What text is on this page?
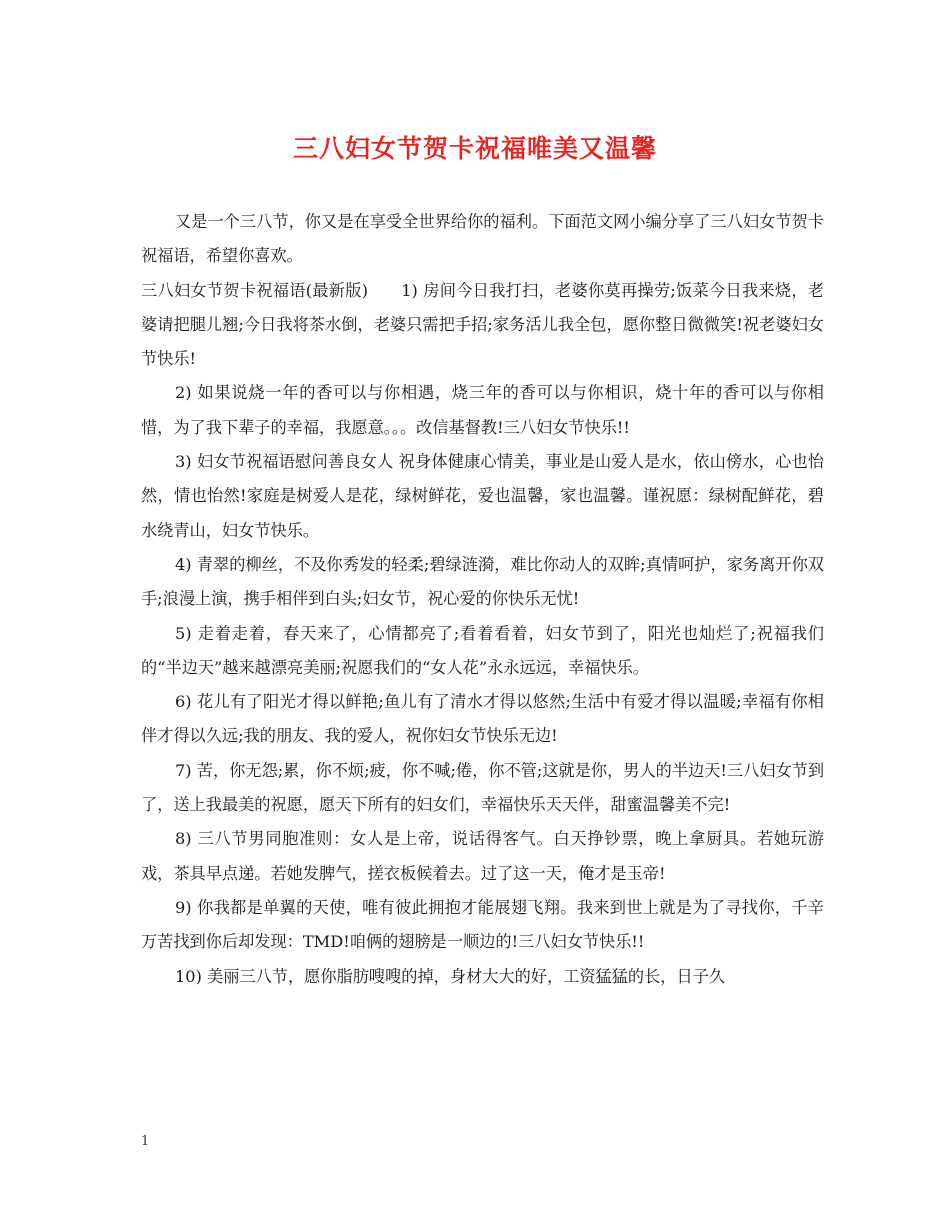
三八妇女节贺卡祝福唯美又温馨

又是一个三八节，你又是在享受全世界给你的福利。下面范文网小编分享了三八妇女节贺卡祝福语，希望你喜欢。

三八妇女节贺卡祝福语(最新版)　　1) 房间今日我打扫，老婆你莫再操劳;饭菜今日我来烧，老婆请把腿儿翘;今日我将茶水倒，老婆只需把手招;家务活儿我全包，愿你整日微微笑!祝老婆妇女节快乐!

2) 如果说烧一年的香可以与你相遇，烧三年的香可以与你相识，烧十年的香可以与你相惜，为了我下辈子的幸福，我愿意。。。改信基督教!三八妇女节快乐!!

3) 妇女节祝福语慰问善良女人 祝身体健康心情美，事业是山爱人是水，依山傍水，心也怡然，情也怡然!家庭是树爱人是花，绿树鲜花，爱也温馨，家也温馨。谨祝愿：绿树配鲜花，碧水绕青山，妇女节快乐。

4) 青翠的柳丝，不及你秀发的轻柔;碧绿涟漪，难比你动人的双眸;真情呵护，家务离开你双手;浪漫上演，携手相伴到白头;妇女节，祝心爱的你快乐无忧!

5) 走着走着，春天来了，心情都亮了;看着看着，妇女节到了，阳光也灿烂了;祝福我们的“半边天”越来越漂亮美丽;祝愿我们的“女人花”永永远远，幸福快乐。

6) 花儿有了阳光才得以鲜艳;鱼儿有了清水才得以悠然;生活中有爱才得以温暖;幸福有你相伴才得以久远;我的朋友、我的爱人，祝你妇女节快乐无边!

7) 苦，你无怨;累，你不烦;疲，你不喊;倦，你不管;这就是你，男人的半边天!三八妇女节到了，送上我最美的祝愿，愿天下所有的妇女们，幸福快乐天天伴，甜蜜温馨美不完!

8) 三八节男同胞准则：女人是上帝，说话得客气。白天挣钞票，晚上拿厨具。若她玩游戏，茶具早点递。若她发脾气，搓衣板候着去。过了这一天，俺才是玉帝!

9) 你我都是单翼的天使，唯有彼此拥抱才能展翅飞翔。我来到世上就是为了寻找你，千辛万苦找到你后却发现：TMD!咱俩的翅膀是一顺边的!三八妇女节快乐!!

10) 美丽三八节，愿你脂肪嗖嗖的掉，身材大大的好，工资猛猛的长，日子久

1
